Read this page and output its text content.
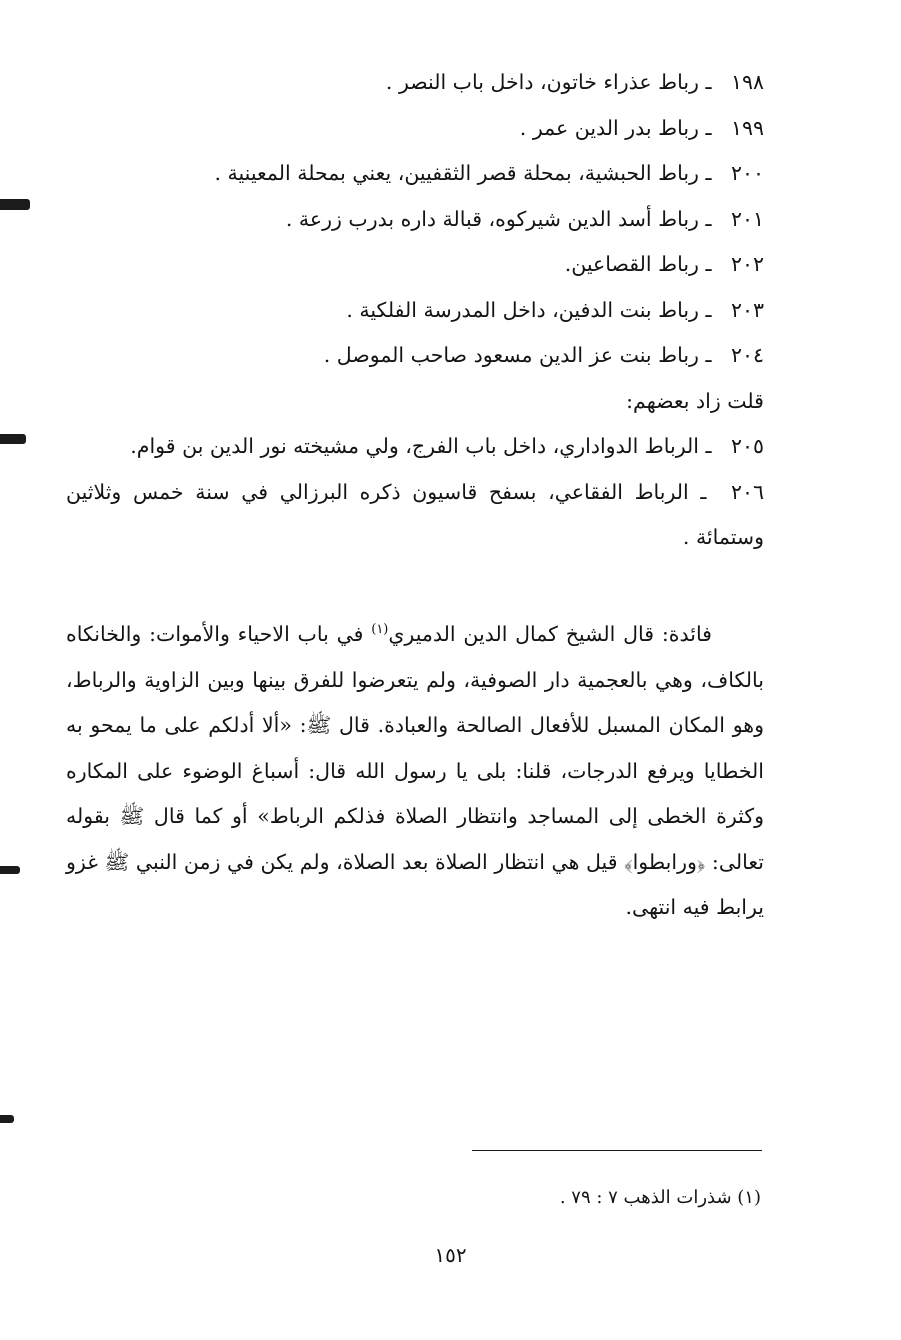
١٩٨ ـ رباط عذراء خاتون، داخل باب النصر .

١٩٩ ـ رباط بدر الدين عمر .

٢٠٠ ـ رباط الحبشية، بمحلة قصر الثقفيين، يعني بمحلة المعينية .

٢٠١ ـ رباط أسد الدين شيركوه، قبالة داره بدرب زرعة .

٢٠٢ ـ رباط القصاعين.

٢٠٣ ـ رباط بنت الدفين، داخل المدرسة الفلكية .

٢٠٤ ـ رباط بنت عز الدين مسعود صاحب الموصل .

قلت زاد بعضهم:

٢٠٥ ـ الرباط الدواداري، داخل باب الفرج، ولي مشيخته نور الدين بن قوام.

٢٠٦ ـ الرباط الفقاعي، بسفح قاسيون ذكره البرزالي في سنة خمس وثلاثين وستمائة .

فائدة: قال الشيخ كمال الدين الدميري$^{(١)}$ في باب الاحياء والأموات: والخانكاه بالكاف، وهي بالعجمية دار الصوفية، ولم يتعرضوا للفرق بينها وبين الزاوية والرباط، وهو المكان المسبل للأفعال الصالحة والعبادة. قال ﷺ: «ألا أدلكم على ما يمحو به الخطايا ويرفع الدرجات، قلنا: بلى يا رسول الله قال: أسباغ الوضوء على المكاره وكثرة الخطى إلى المساجد وانتظار الصلاة فذلكم الرباط» أو كما قال ﷺ بقوله تعالى: ﴿ورابطوا﴾ قيل هي انتظار الصلاة بعد الصلاة، ولم يكن في زمن النبي ﷺ غزو يرابط فيه انتهى.

(١) شذرات الذهب ٧ : ٧٩ .
١٥٢
